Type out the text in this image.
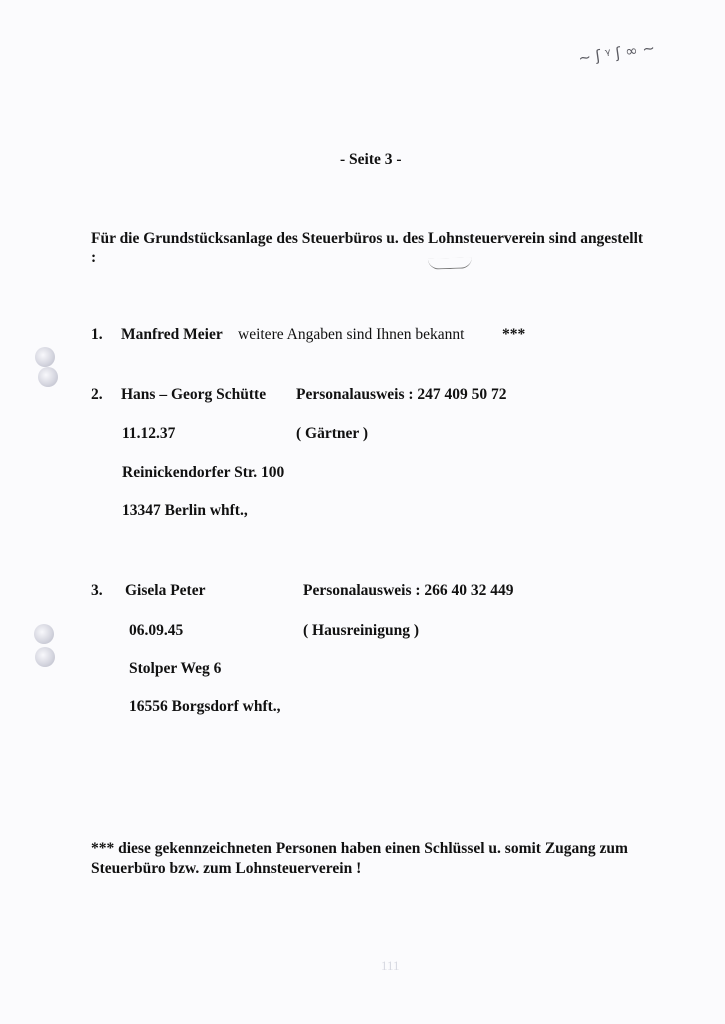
~ ʃ ᵞ ʃ ∞ ~
- Seite 3 -
Für die Grundstücksanlage des Steuerbüros u. des Lohnsteuerverein sind angestellt :
1. Manfred Meier weitere Angaben sind Ihnen bekannt ***
2. Hans – Georg Schütte Personalausweis : 247 409 50 72
11.12.37	( Gärtner )
Reinickendorfer Str. 100
13347 Berlin whft.,
3. Gisela Peter	Personalausweis : 266 40 32 449
06.09.45	( Hausreinigung )
Stolper Weg 6
16556 Borgsdorf whft.,
*** diese gekennzeichneten Personen haben einen Schlüssel u. somit Zugang zum Steuerbüro bzw. zum Lohnsteuerverein !
111
